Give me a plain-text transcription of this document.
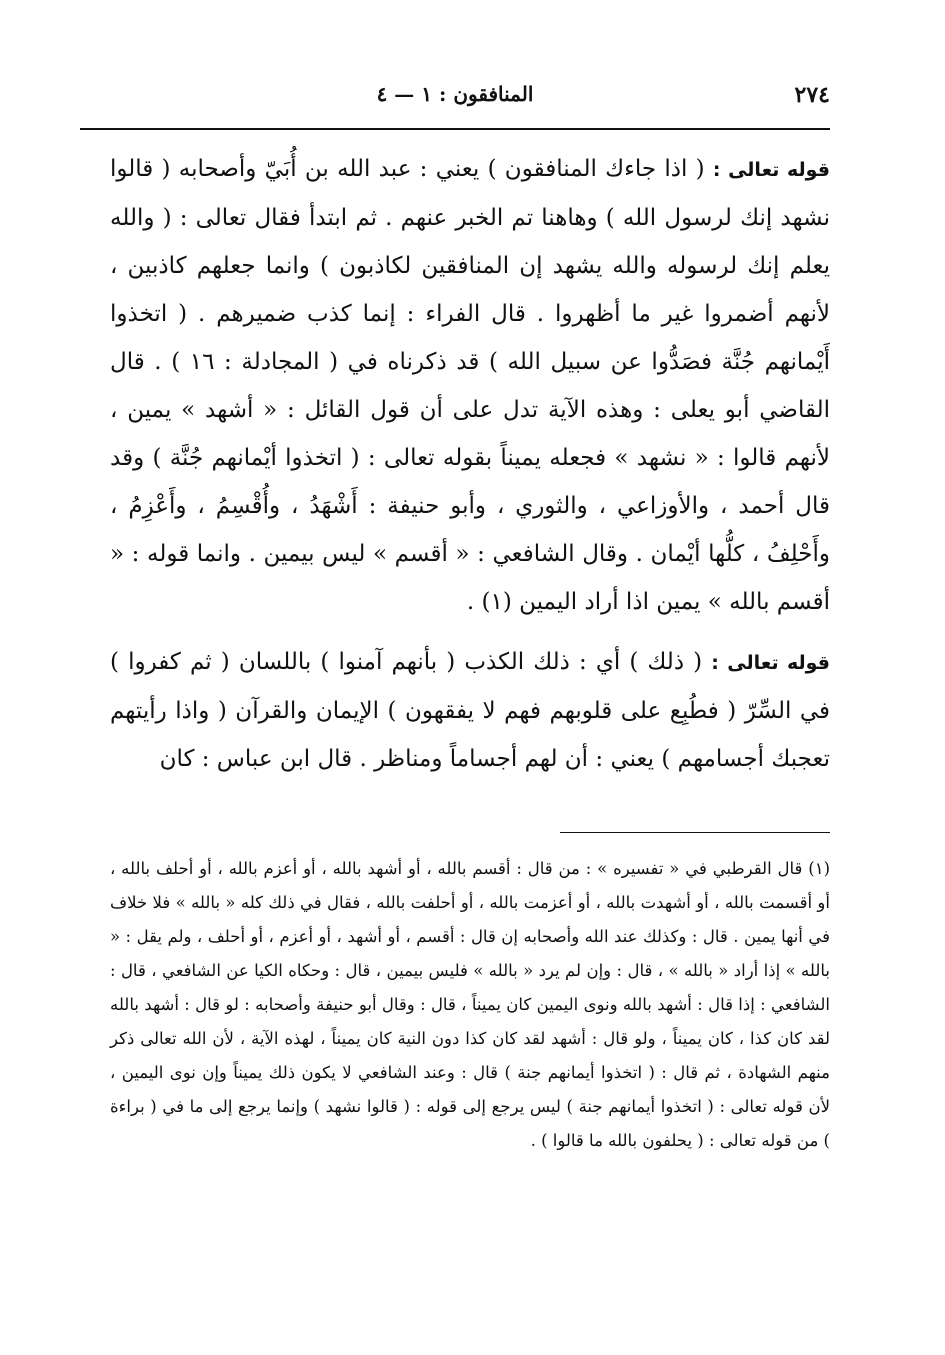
٢٧٤
المنافقون : ١ — ٤

قوله تعالى : ( اذا جاءك المنافقون ) يعني : عبد الله بن أُبَيّ وأصحابه ( قالوا نشهد إنك لرسول الله ) وهاهنا تم الخبر عنهم . ثم ابتدأ فقال تعالى : ( والله يعلم إنك لرسوله والله يشهد إن المنافقين لكاذبون ) وانما جعلهم كاذبين ، لأنهم أضمروا غير ما أظهروا . قال الفراء : إنما كذب ضميرهم . ( اتخذوا أَيْمانهم جُنَّة فصَدُّوا عن سبيل الله ) قد ذكرناه في ( المجادلة : ١٦ ) . قال القاضي أبو يعلى : وهذه الآية تدل على أن قول القائل : « أشهد » يمين ، لأنهم قالوا : « نشهد » فجعله يميناً بقوله تعالى : ( اتخذوا أيْمانهم جُنَّة ) وقد قال أحمد ، والأوزاعي ، والثوري ، وأبو حنيفة : أَشْهَدُ ، وأُقْسِمُ ، وأَعْزِمُ ، وأَحْلِفُ ، كلُّها أيْمان . وقال الشافعي : « أقسم » ليس بيمين . وانما قوله : « أقسم بالله » يمين اذا أراد اليمين (١) .

قوله تعالى : ( ذلك ) أي : ذلك الكذب ( بأنهم آمنوا ) باللسان ( ثم كفروا ) في السِّرّ ( فطُبِع على قلوبهم فهم لا يفقهون ) الإيمان والقرآن ( واذا رأيتهم تعجبك أجسامهم ) يعني : أن لهم أجساماً ومناظر . قال ابن عباس : كان

(١) قال القرطبي في « تفسيره » : من قال : أقسم بالله ، أو أشهد بالله ، أو أعزم بالله ، أو أحلف بالله ، أو أقسمت بالله ، أو أشهدت بالله ، أو أعزمت بالله ، أو أحلفت بالله ، فقال في ذلك كله « بالله » فلا خلاف في أنها يمين . قال : وكذلك عند الله وأصحابه إن قال : أقسم ، أو أشهد ، أو أعزم ، أو أحلف ، ولم يقل : « بالله » إذا أراد « بالله » ، قال : وإن لم يرد « بالله » فليس بيمين ، قال : وحكاه الكيا عن الشافعي ، قال : الشافعي : إذا قال : أشهد بالله ونوى اليمين كان يميناً ، قال : وقال أبو حنيفة وأصحابه : لو قال : أشهد بالله لقد كان كذا ، كان يميناً ، ولو قال : أشهد لقد كان كذا دون النية كان يميناً ، لهذه الآية ، لأن الله تعالى ذكر منهم الشهادة ، ثم قال : ( اتخذوا أيمانهم جنة ) قال : وعند الشافعي لا يكون ذلك يميناً وإن نوى اليمين ، لأن قوله تعالى : ( اتخذوا أيمانهم جنة ) ليس يرجع إلى قوله : ( قالوا نشهد ) وإنما يرجع إلى ما في ( براءة ) من قوله تعالى : ( يحلفون بالله ما قالوا ) .
